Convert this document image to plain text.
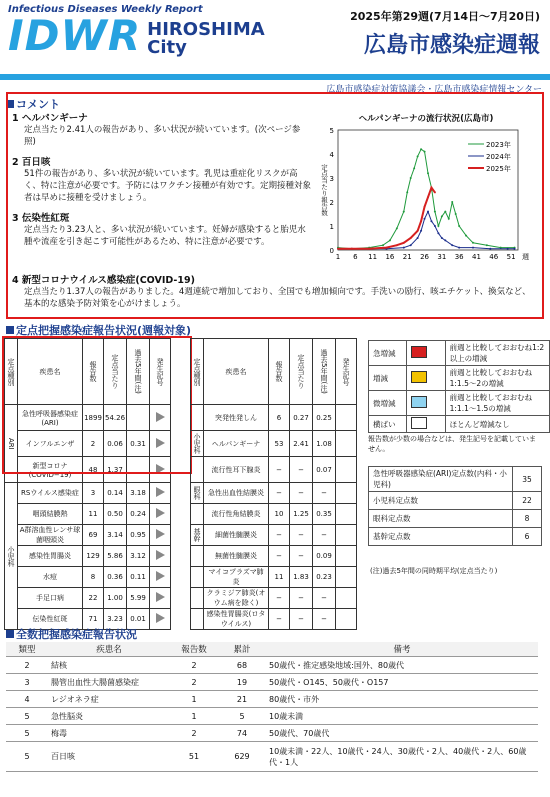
Infectious Diseases Weekly Report
IDWR HIROSHIMA City
2025年第29週(7月14日～7月20日)
広島市感染症週報
広島市感染症対策協議会・広島市感染症情報センター
コメント
1 ヘルパンギーナ
定点当たり2.41人の報告があり、多い状況が続いています。(次ページ参照)
2 百日咳
51件の報告があり、多い状況が続いています。乳児は重症化リスクが高く、特に注意が必要です。予防にはワクチン接種が有効です。定期接種対象者は早めに接種を受けましょう。
3 伝染性紅斑
定点当たり3.23人と、多い状況が続いています。妊婦が感染すると胎児水腫や流産を引き起こす可能性があるため、特に注意が必要です。
4 新型コロナウイルス感染症(COVID-19)
定点当たり1.37人の報告がありました。4週連続で増加しており、全国でも増加傾向です。手洗いの励行、咳エチケット、換気など、基本的な感染予防対策を心がけましょう。
ヘルパンギーナの流行状況(広島市)
0
1
2
3
4
5
1 6 11 16 21 26 31 36 41 46 51 週
定点当たり報告数
2023年
2024年
2025年
定点把握感染症報告状況(週報対象)
定点種別	疾患名	報告数	定点当たり	過去5年間(注)	発生記号
ARI	急性呼吸器感染症(ARI)	1899	54.26		
	インフルエンザ	2	0.06	0.31	
	新型コロナ(COVID−19)	48	1.37		
小児科	RSウイルス感染症	3	0.14	3.18	
	咽頭結膜熱	11	0.50	0.24	
	A群溶血性レンサ球菌咽頭炎	69	3.14	0.95	
	感染性胃腸炎	129	5.86	3.12	
	水痘	8	0.36	0.11	
	手足口病	22	1.00	5.99	
	伝染性紅斑	71	3.23	0.01	
定点種別	疾患名	報告数	定点当たり	過去5年間(注)	発生記号
	突発性発しん	6	0.27	0.25	
小児科	ヘルパンギーナ	53	2.41	1.08	
	流行性耳下腺炎	−	−	0.07	
眼科	急性出血性結膜炎	−	−	−	
	流行性角結膜炎	10	1.25	0.35	
基幹	細菌性髄膜炎	−	−	−	
	無菌性髄膜炎	−	−	0.09	
	マイコプラズマ肺炎	11	1.83	0.23	
	クラミジア肺炎(オウム病を除く)	−	−	−	
	感染性胃腸炎(ロタウイルス)	−	−	−	
急増減		前週と比較しておおむね1:2以上の増減
増減		前週と比較しておおむね1:1.5〜2の増減
微増減		前週と比較しておおむね1:1.1〜1.5の増減
横ばい		ほとんど増減なし
報告数が少数の場合などは、発生記号を記載していません。
急性呼吸器感染症(ARI)定点数(内科・小児科)	35
小児科定点数	22
眼科定点数	8
基幹定点数	6
(注)過去5年間の同時期平均(定点当たり)
全数把握感染症報告状況
類型	疾患名	報告数	累計	備考
2	結核	2	68	50歳代・推定感染地域:国外、80歳代
3	腸管出血性大腸菌感染症	2	19	50歳代・O145、50歳代・O157
4	レジオネラ症	1	21	80歳代・市外
5	急性脳炎	1	5	10歳未満
5	梅毒	2	74	50歳代、70歳代
5	百日咳	51	629	10歳未満・22人、10歳代・24人、30歳代・2人、40歳代・2人、60歳代・1人
